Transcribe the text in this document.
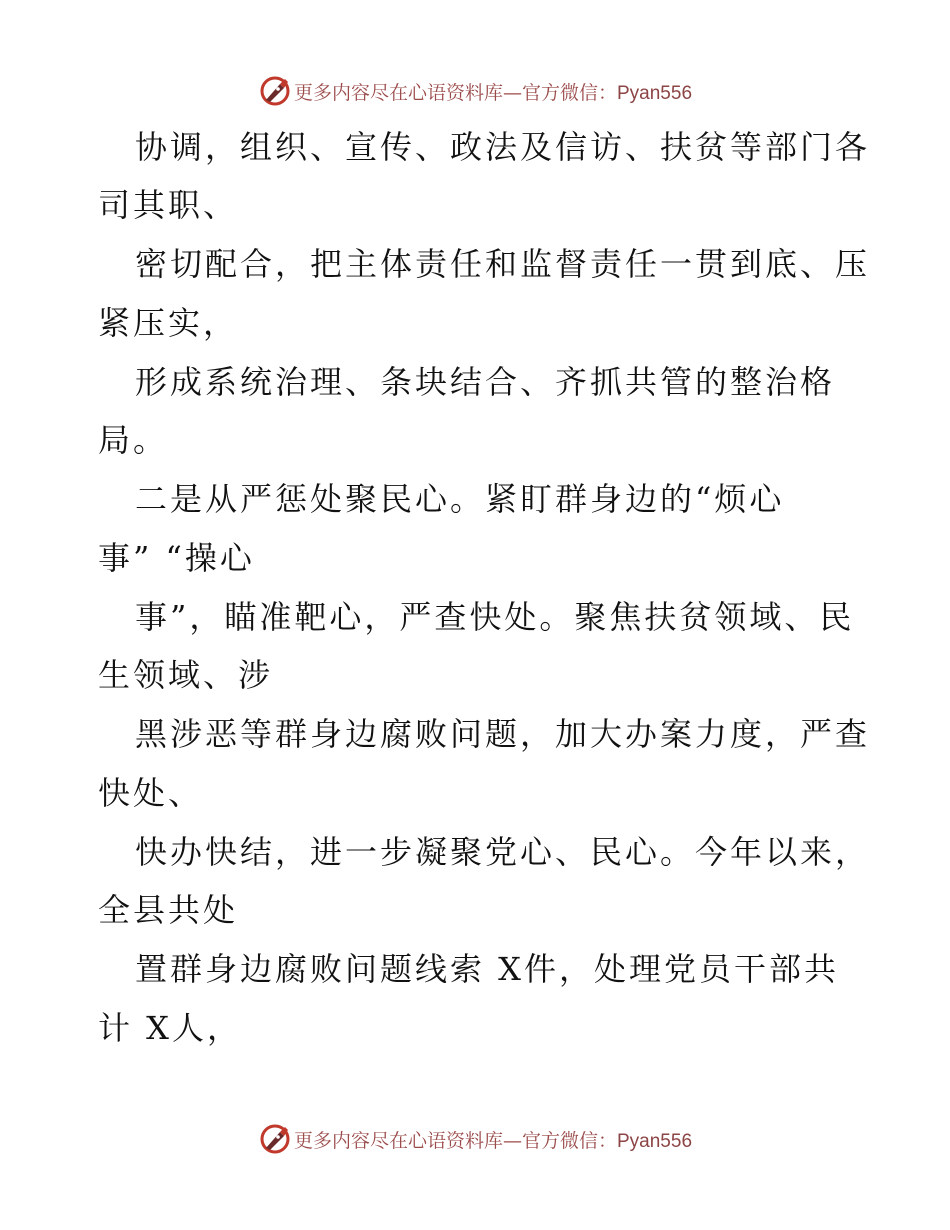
更多内容尽在心语资料库—官方微信：Pyan556
协调，组织、宣传、政法及信访、扶贫等部门各
司其职、
密切配合，把主体责任和监督责任一贯到底、压
紧压实，
形成系统治理、条块结合、齐抓共管的整治格
局。
二是从严惩处聚民心。紧盯群身边的“烦心
事” “操心
事”，瞄准靶心，严查快处。聚焦扶贫领域、民
生领域、涉
黑涉恶等群身边腐败问题，加大办案力度，严查
快处、
快办快结，进一步凝聚党心、民心。今年以来，
全县共处
置群身边腐败问题线索 X件，处理党员干部共
计 X人，
更多内容尽在心语资料库—官方微信：Pyan556
